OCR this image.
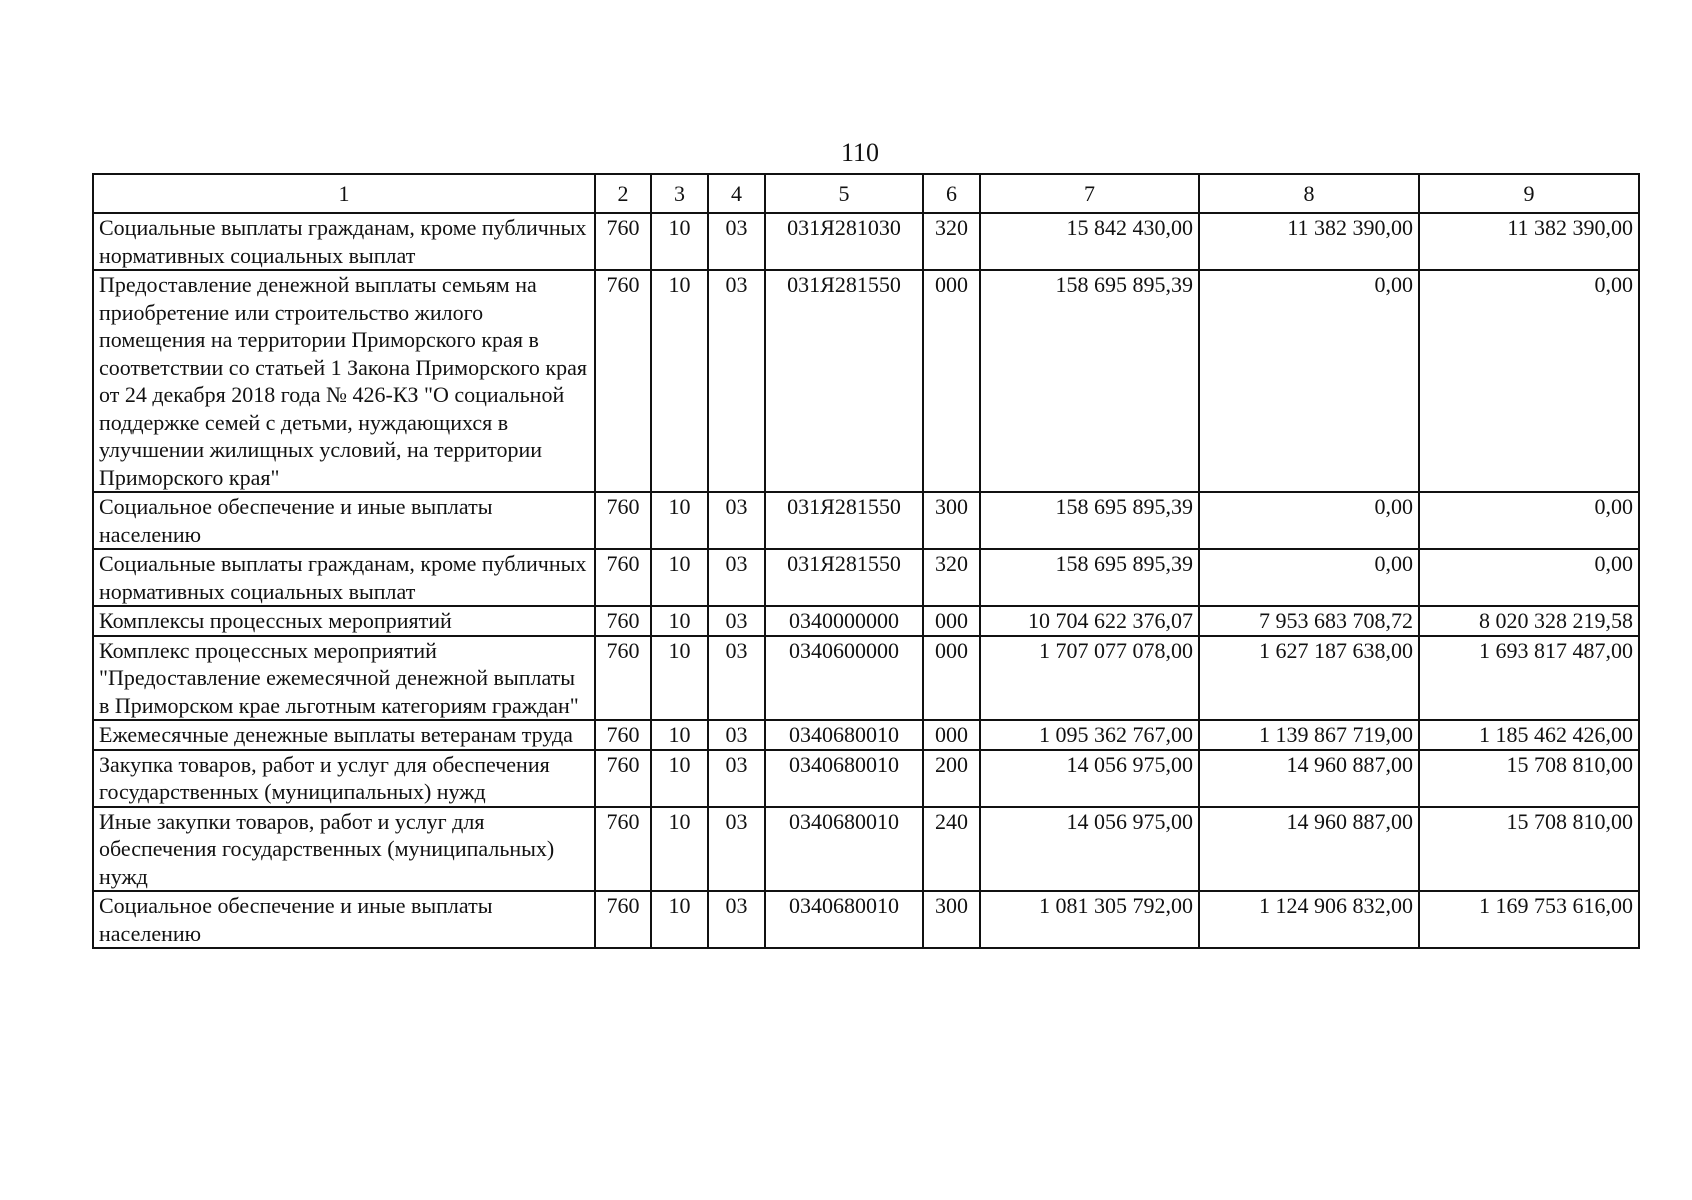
110
1	2	3	4	5	6	7	8	9
Социальные выплаты гражданам, кроме публичных нормативных социальных выплат	760	10	03	031Я281030	320	15 842 430,00	11 382 390,00	11 382 390,00
Предоставление денежной выплаты семьям на приобретение или строительство жилого помещения на территории Приморского края в соответствии со статьей 1 Закона Приморского края от 24 декабря 2018 года № 426-КЗ "О социальной поддержке семей с детьми, нуждающихся в улучшении жилищных условий, на территории Приморского края"	760	10	03	031Я281550	000	158 695 895,39	0,00	0,00
Социальное обеспечение и иные выплаты населению	760	10	03	031Я281550	300	158 695 895,39	0,00	0,00
Социальные выплаты гражданам, кроме публичных нормативных социальных выплат	760	10	03	031Я281550	320	158 695 895,39	0,00	0,00
Комплексы процессных мероприятий	760	10	03	0340000000	000	10 704 622 376,07	7 953 683 708,72	8 020 328 219,58
Комплекс процессных мероприятий "Предоставление ежемесячной денежной выплаты в Приморском крае льготным категориям граждан"	760	10	03	0340600000	000	1 707 077 078,00	1 627 187 638,00	1 693 817 487,00
Ежемесячные денежные выплаты ветеранам труда	760	10	03	0340680010	000	1 095 362 767,00	1 139 867 719,00	1 185 462 426,00
Закупка товаров, работ и услуг для обеспечения государственных (муниципальных) нужд	760	10	03	0340680010	200	14 056 975,00	14 960 887,00	15 708 810,00
Иные закупки товаров, работ и услуг для обеспечения государственных (муниципальных) нужд	760	10	03	0340680010	240	14 056 975,00	14 960 887,00	15 708 810,00
Социальное обеспечение и иные выплаты населению	760	10	03	0340680010	300	1 081 305 792,00	1 124 906 832,00	1 169 753 616,00
